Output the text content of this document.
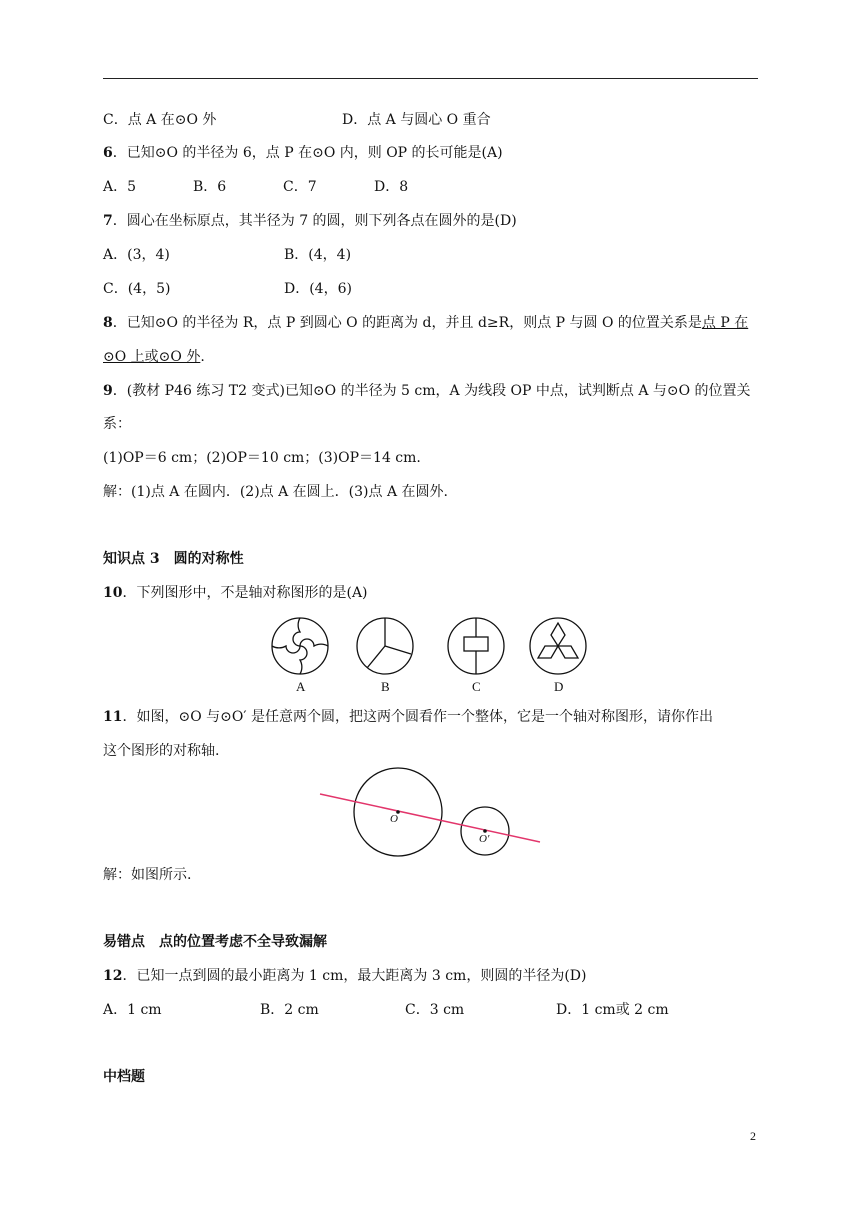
C．点 A 在⊙O 外	D．点 A 与圆心 O 重合
6．已知⊙O 的半径为 6，点 P 在⊙O 内，则 OP 的长可能是(A)
A．5	B．6	C．7	D．8
7．圆心在坐标原点，其半径为 7 的圆，则下列各点在圆外的是(D)
A．(3，4)	B．(4，4)
C．(4，5)	D．(4，6)
8．已知⊙O 的半径为 R，点 P 到圆心 O 的距离为 d，并且 d≥R，则点 P 与圆 O 的位置关系是点 P 在
⊙O 上或⊙O 外.
9．(教材 P46 练习 T2 变式)已知⊙O 的半径为 5 cm，A 为线段 OP 中点，试判断点 A 与⊙O 的位置关
系：
(1)OP＝6 cm；(2)OP＝10 cm；(3)OP＝14 cm.
解：(1)点 A 在圆内．(2)点 A 在圆上．(3)点 A 在圆外.
知识点 3　圆的对称性
10．下列图形中，不是轴对称图形的是(A)
A	B	C	D
11．如图，⊙O 与⊙O′ 是任意两个圆，把这两个圆看作一个整体，它是一个轴对称图形，请你作出
这个图形的对称轴.
O
O′
解：如图所示.
易错点　点的位置考虑不全导致漏解
12．已知一点到圆的最小距离为 1 cm，最大距离为 3 cm，则圆的半径为(D)
A．1 cm	B．2 cm	C．3 cm	D．1 cm或 2 cm
中档题
2
